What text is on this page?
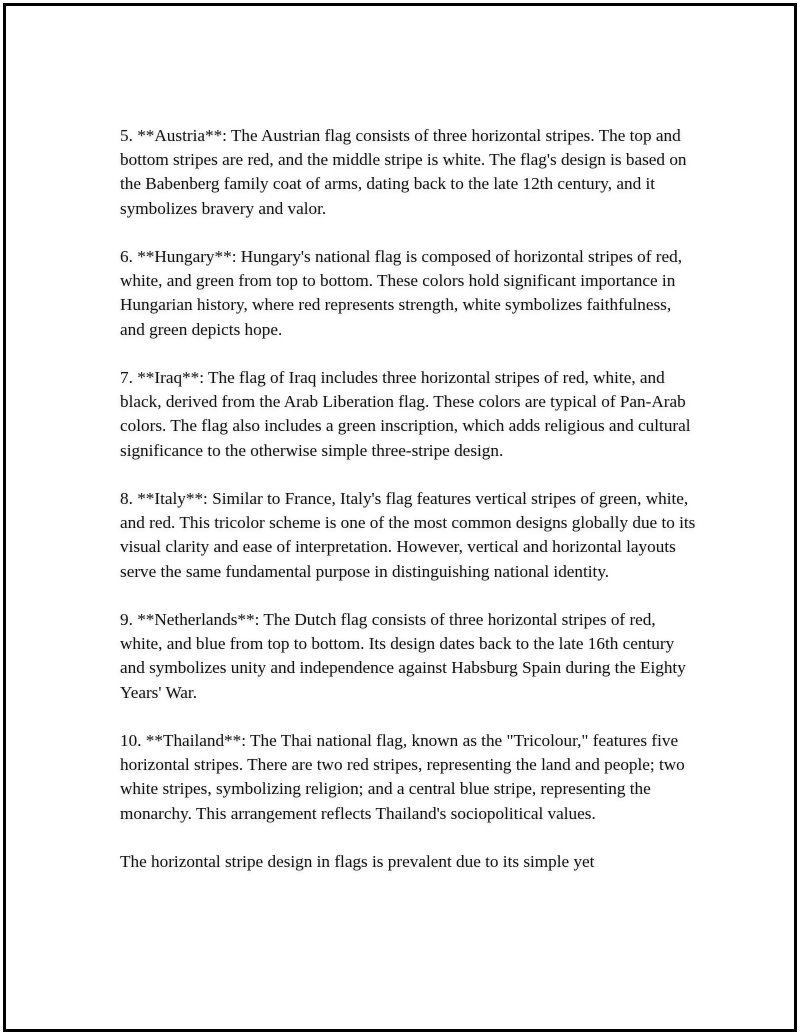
5. **Austria**: The Austrian flag consists of three horizontal stripes. The top and bottom stripes are red, and the middle stripe is white. The flag's design is based on the Babenberg family coat of arms, dating back to the late 12th century, and it symbolizes bravery and valor.

6. **Hungary**: Hungary's national flag is composed of horizontal stripes of red, white, and green from top to bottom. These colors hold significant importance in Hungarian history, where red represents strength, white symbolizes faithfulness, and green depicts hope.

7. **Iraq**: The flag of Iraq includes three horizontal stripes of red, white, and black, derived from the Arab Liberation flag. These colors are typical of Pan-Arab colors. The flag also includes a green inscription, which adds religious and cultural significance to the otherwise simple three-stripe design.

8. **Italy**: Similar to France, Italy's flag features vertical stripes of green, white, and red. This tricolor scheme is one of the most common designs globally due to its visual clarity and ease of interpretation. However, vertical and horizontal layouts serve the same fundamental purpose in distinguishing national identity.

9. **Netherlands**: The Dutch flag consists of three horizontal stripes of red, white, and blue from top to bottom. Its design dates back to the late 16th century and symbolizes unity and independence against Habsburg Spain during the Eighty Years' War.

10. **Thailand**: The Thai national flag, known as the "Tricolour," features five horizontal stripes. There are two red stripes, representing the land and people; two white stripes, symbolizing religion; and a central blue stripe, representing the monarchy. This arrangement reflects Thailand's sociopolitical values.

The horizontal stripe design in flags is prevalent due to its simple yet
